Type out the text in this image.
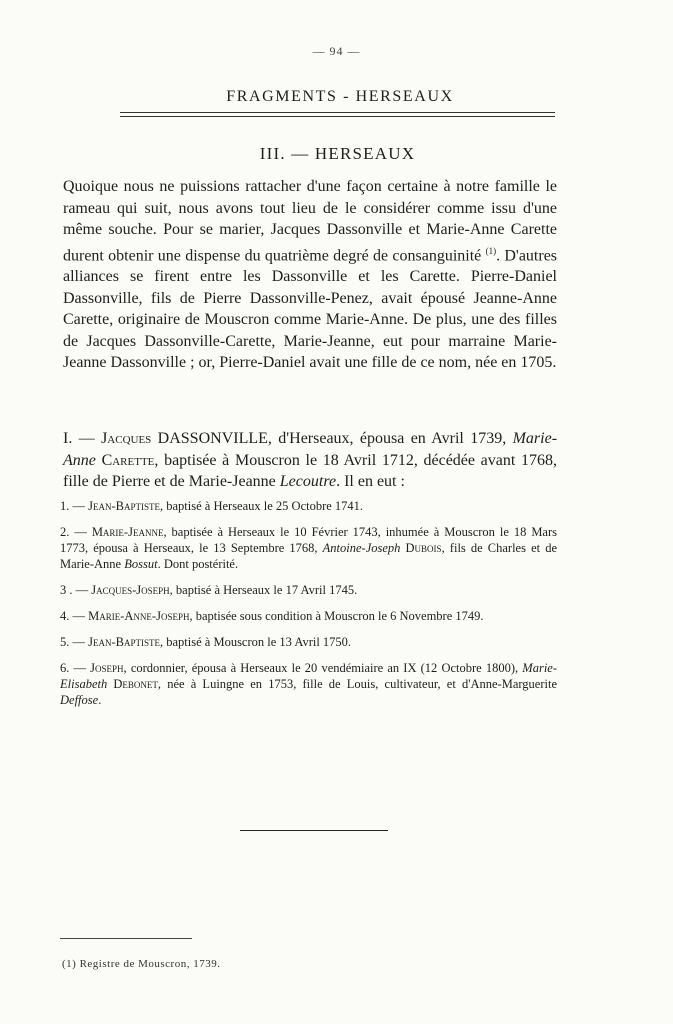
— 94 —
FRAGMENTS - HERSEAUX
III. — HERSEAUX

Quoique nous ne puissions rattacher d'une façon certaine à notre famille le rameau qui suit, nous avons tout lieu de le considérer comme issu d'une même souche. Pour se marier, Jacques Dassonville et Marie-Anne Carette durent obtenir une dispense du quatrième degré de consanguinité $^{(1)}$. D'autres alliances se firent entre les Dassonville et les Carette. Pierre-Daniel Dassonville, fils de Pierre Dassonville-Penez, avait épousé Jeanne-Anne Carette, originaire de Mouscron comme Marie-Anne. De plus, une des filles de Jacques Dassonville-Carette, Marie-Jeanne, eut pour marraine Marie-Jeanne Dassonville ; or, Pierre-Daniel avait une fille de ce nom, née en 1705.

I. — Jacques DASSONVILLE, d'Herseaux, épousa en Avril 1739, Marie-Anne Carette, baptisée à Mouscron le 18 Avril 1712, décédée avant 1768, fille de Pierre et de Marie-Jeanne Lecoutre. Il en eut :

1. — Jean-Baptiste, baptisé à Herseaux le 25 Octobre 1741.
2. — Marie-Jeanne, baptisée à Herseaux le 10 Février 1743, inhumée à Mouscron le 18 Mars 1773, épousa à Herseaux, le 13 Septembre 1768, Antoine-Joseph Dubois, fils de Charles et de Marie-Anne Bossut. Dont postérité.
3 . — Jacques-Joseph, baptisé à Herseaux le 17 Avril 1745.
4. — Marie-Anne-Joseph, baptisée sous condition à Mouscron le 6 Novembre 1749.
5. — Jean-Baptiste, baptisé à Mouscron le 13 Avril 1750.
6. — Joseph, cordonnier, épousa à Herseaux le 20 vendémiaire an IX (12 Octobre 1800), Marie-Elisabeth Debonet, née à Luingne en 1753, fille de Louis, cultivateur, et d'Anne-Marguerite Deffose.
(1) Registre de Mouscron, 1739.
